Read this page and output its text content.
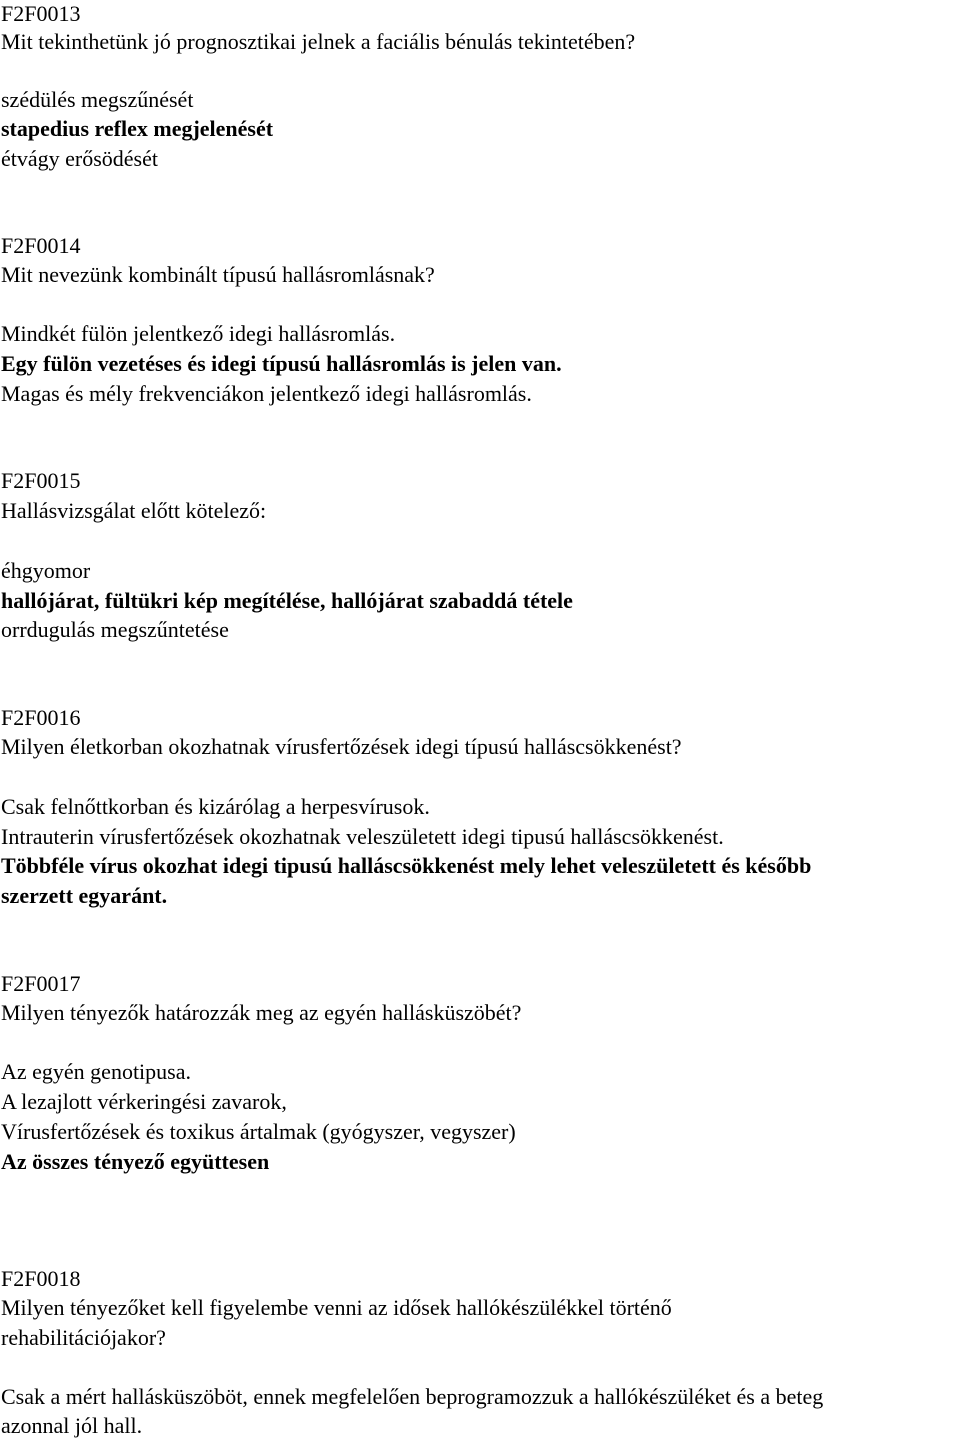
F2F0013
Mit tekinthetünk jó prognosztikai jelnek a faciális bénulás tekintetében?
szédülés megszűnését
stapedius reflex megjelenését
étvágy erősödését
F2F0014
Mit nevezünk kombinált típusú hallásromlásnak?
Mindkét fülön jelentkező idegi hallásromlás.
Egy fülön vezetéses és idegi típusú hallásromlás is jelen van.
Magas és mély frekvenciákon jelentkező idegi hallásromlás.
F2F0015
Hallásvizsgálat előtt kötelező:
éhgyomor
hallójárat, fültükri kép megítélése, hallójárat szabaddá tétele
orrdugulás megszűntetése
F2F0016
Milyen életkorban okozhatnak vírusfertőzések idegi típusú halláscsökkenést?
Csak felnőttkorban és kizárólag a herpesvírusok.
Intrauterin vírusfertőzések okozhatnak veleszületett idegi tipusú halláscsökkenést.
Többféle vírus okozhat idegi tipusú halláscsökkenést mely lehet veleszületett és később
szerzett egyaránt.
F2F0017
Milyen tényezők határozzák meg az egyén hallásküszöbét?
Az egyén genotipusa.
A lezajlott vérkeringési zavarok,
Vírusfertőzések és toxikus ártalmak (gyógyszer, vegyszer)
Az összes tényező együttesen
F2F0018
Milyen tényezőket kell figyelembe venni az idősek hallókészülékkel történő
rehabilitációjakor?
Csak a mért hallásküszöböt, ennek megfelelően beprogramozzuk a hallókészüléket és a beteg
azonnal jól hall.
